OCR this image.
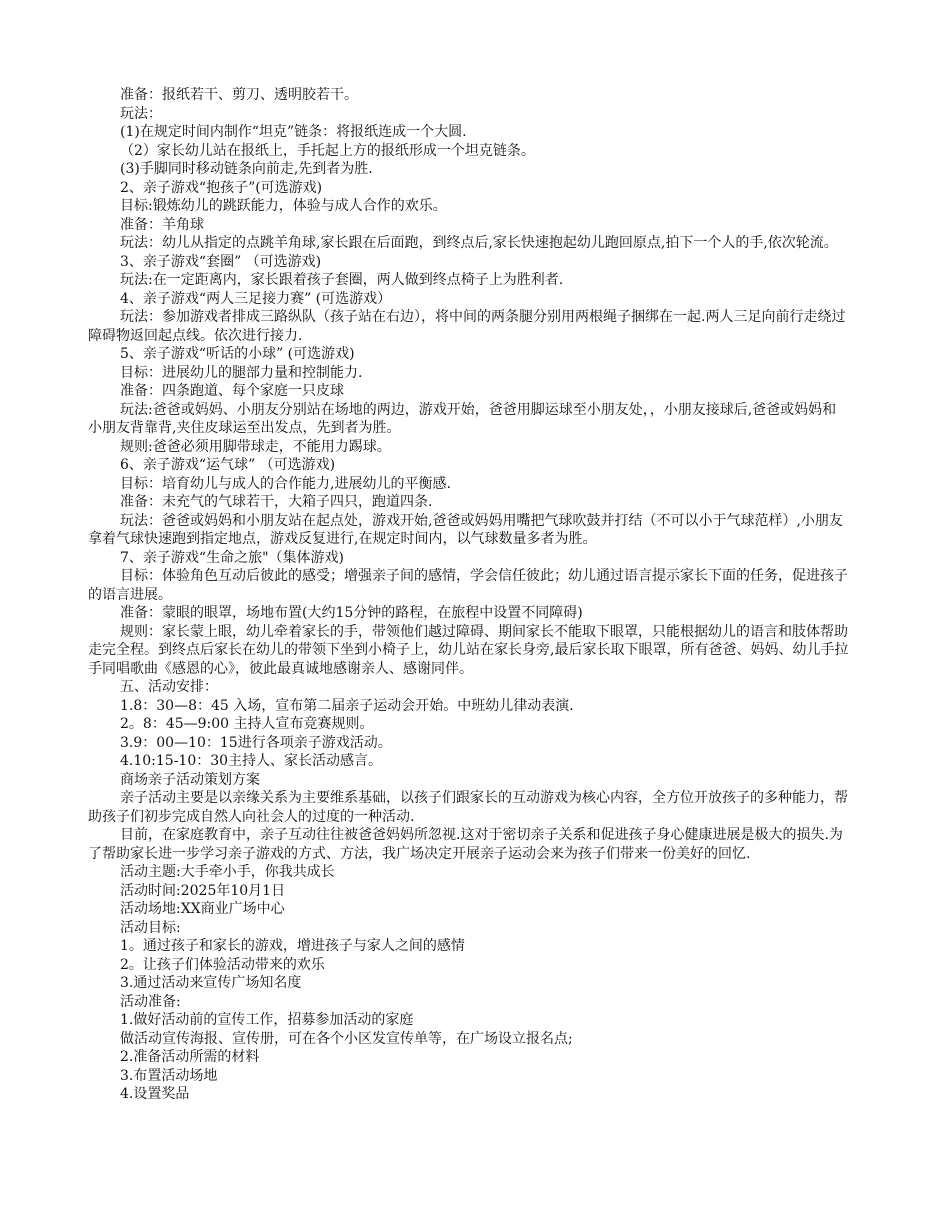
准备：报纸若干、剪刀、透明胶若干。
玩法：
(1)在规定时间内制作“坦克”链条：将报纸连成一个大圆.
（2）家长幼儿站在报纸上，手托起上方的报纸形成一个坦克链条。
(3)手脚同时移动链条向前走,先到者为胜.
2、亲子游戏“抱孩子”(可选游戏)
目标:锻炼幼儿的跳跃能力，体验与成人合作的欢乐。
准备：羊角球
玩法：幼儿从指定的点跳羊角球,家长跟在后面跑，到终点后,家长快速抱起幼儿跑回原点,拍下一个人的手,依次轮流。
3、亲子游戏“套圈” （可选游戏)
玩法:在一定距离内，家长跟着孩子套圈，两人做到终点椅子上为胜利者.
4、亲子游戏“两人三足接力赛” (可选游戏）
玩法：参加游戏者排成三路纵队（孩子站在右边），将中间的两条腿分别用两根绳子捆绑在一起.两人三足向前行走绕过障碍物返回起点线。依次进行接力.
5、亲子游戏“听话的小球” (可选游戏)
目标：进展幼儿的腿部力量和控制能力.
准备：四条跑道、每个家庭一只皮球
玩法:爸爸或妈妈、小朋友分别站在场地的两边，游戏开始，爸爸用脚运球至小朋友处，，小朋友接球后,爸爸或妈妈和小朋友背靠背,夹住皮球运至出发点，先到者为胜。
规则:爸爸必须用脚带球走，不能用力踢球。
6、亲子游戏“运气球” （可选游戏)
目标：培育幼儿与成人的合作能力,进展幼儿的平衡感.
准备：未充气的气球若干，大箱子四只，跑道四条.
玩法：爸爸或妈妈和小朋友站在起点处，游戏开始,爸爸或妈妈用嘴把气球吹鼓并打结（不可以小于气球范样）,小朋友拿着气球快速跑到指定地点，游戏反复进行,在规定时间内，以气球数量多者为胜。
7、亲子游戏“生命之旅"（集体游戏)
目标：体验角色互动后彼此的感受；增强亲子间的感情，学会信任彼此；幼儿通过语言提示家长下面的任务，促进孩子的语言进展。
准备：蒙眼的眼罩，场地布置(大约15分钟的路程，在旅程中设置不同障碍)
规则：家长蒙上眼，幼儿牵着家长的手，带领他们越过障碍、期间家长不能取下眼罩，只能根据幼儿的语言和肢体帮助走完全程。到终点后家长在幼儿的带领下坐到小椅子上，幼儿站在家长身旁,最后家长取下眼罩，所有爸爸、妈妈、幼儿手拉手同唱歌曲《感恩的心》，彼此最真诚地感谢亲人、感谢同伴。
五、活动安排：
1.8：30—8：45 入场，宣布第二届亲子运动会开始。中班幼儿律动表演.
2。8：45—9:00 主持人宣布竞赛规则。
3.9：00—10：15进行各项亲子游戏活动。
4.10:15-10：30主持人、家长活动感言。
商场亲子活动策划方案
亲子活动主要是以亲缘关系为主要维系基础，以孩子们跟家长的互动游戏为核心内容，全方位开放孩子的多种能力，帮助孩子们初步完成自然人向社会人的过度的一种活动.
目前，在家庭教育中，亲子互动往往被爸爸妈妈所忽视.这对于密切亲子关系和促进孩子身心健康进展是极大的损失.为了帮助家长进一步学习亲子游戏的方式、方法，我广场决定开展亲子运动会来为孩子们带来一份美好的回忆.
活动主题:大手牵小手，你我共成长
活动时间:2025年10月1日
活动场地:XX商业广场中心
活动目标:
1。通过孩子和家长的游戏，增进孩子与家人之间的感情
2。让孩子们体验活动带来的欢乐
3.通过活动来宣传广场知名度
活动准备:
1.做好活动前的宣传工作，招募参加活动的家庭
做活动宣传海报、宣传册，可在各个小区发宣传单等，在广场设立报名点;
2.准备活动所需的材料
3.布置活动场地
4.设置奖品
